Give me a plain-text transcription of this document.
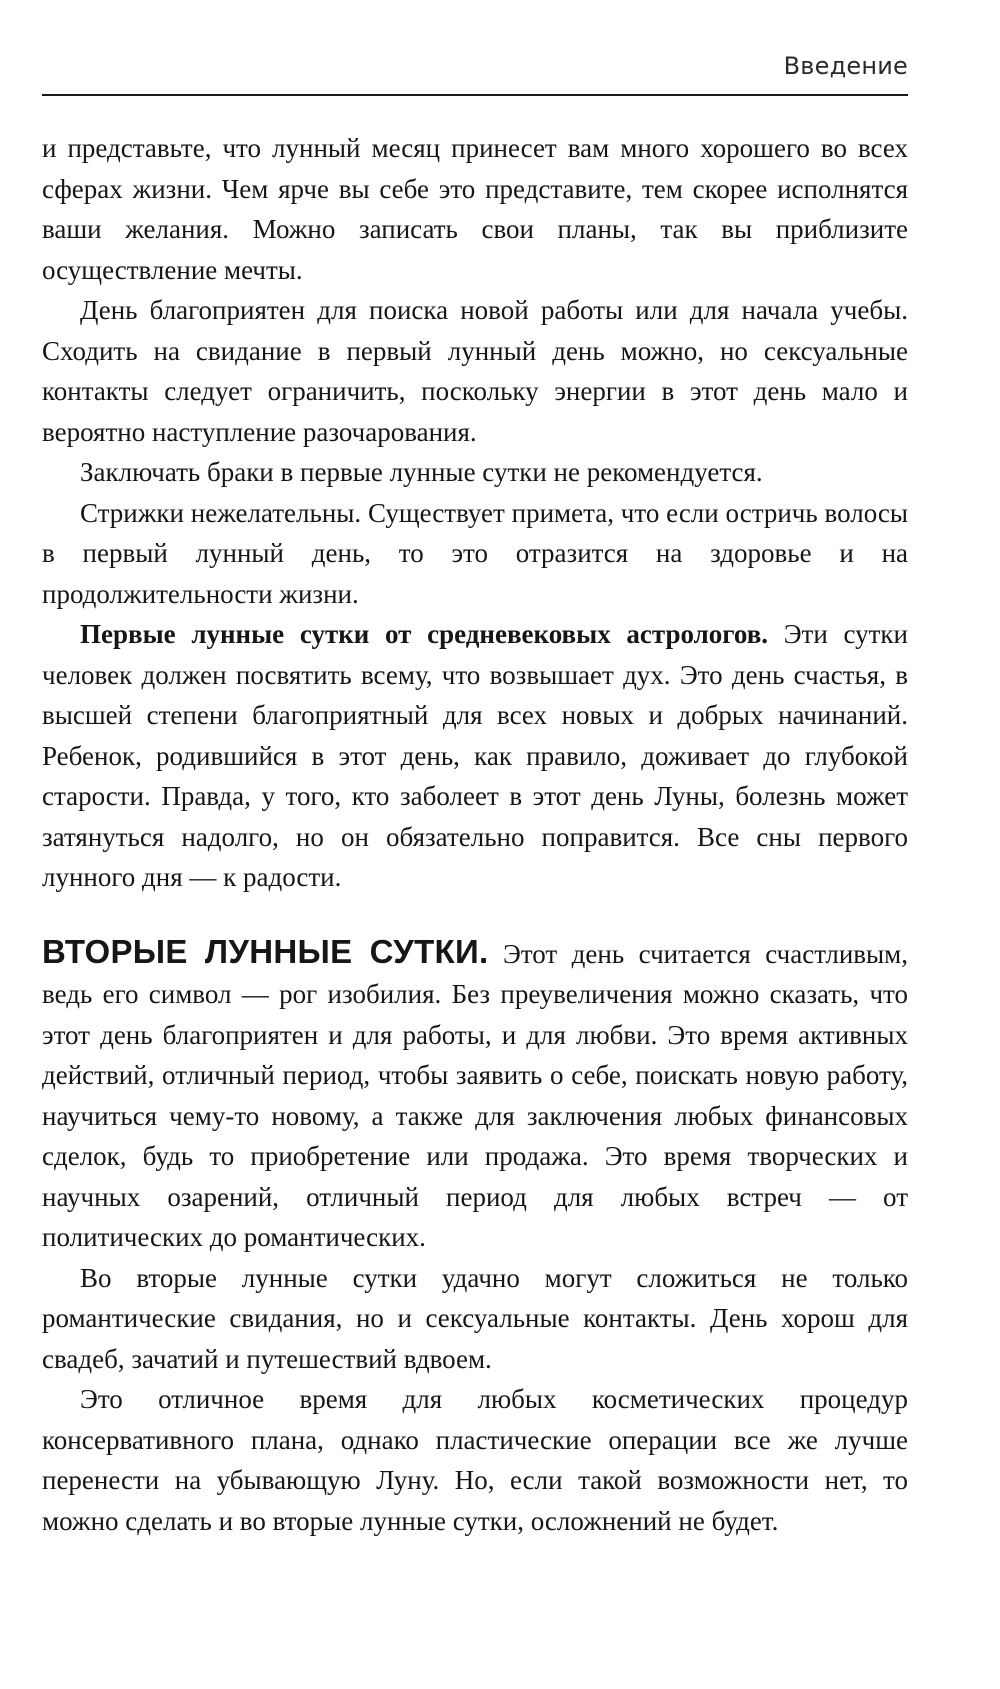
Введение

и представьте, что лунный месяц принесет вам много хорошего во всех сферах жизни. Чем ярче вы себе это представите, тем скорее исполнятся ваши желания. Можно записать свои планы, так вы приблизите осуществление мечты.

День благоприятен для поиска новой работы или для начала учебы. Сходить на свидание в первый лунный день можно, но сексуальные контакты следует ограничить, поскольку энергии в этот день мало и вероятно наступление разочарования.

Заключать браки в первые лунные сутки не рекомендуется.

Стрижки нежелательны. Существует примета, что если остричь волосы в первый лунный день, то это отразится на здоровье и на продолжительности жизни.

Первые лунные сутки от средневековых астрологов. Эти сутки человек должен посвятить всему, что возвышает дух. Это день счастья, в высшей степени благоприятный для всех новых и добрых начинаний. Ребенок, родившийся в этот день, как правило, доживает до глубокой старости. Правда, у того, кто заболеет в этот день Луны, болезнь может затянуться надолго, но он обязательно поправится. Все сны первого лунного дня — к радости.

ВТОРЫЕ ЛУННЫЕ СУТКИ. Этот день считается счастливым, ведь его символ — рог изобилия. Без преувеличения можно сказать, что этот день благоприятен и для работы, и для любви. Это время активных действий, отличный период, чтобы заявить о себе, поискать новую работу, научиться чему-то новому, а также для заключения любых финансовых сделок, будь то приобретение или продажа. Это время творческих и научных озарений, отличный период для любых встреч — от политических до романтических.

Во вторые лунные сутки удачно могут сложиться не только романтические свидания, но и сексуальные контакты. День хорош для свадеб, зачатий и путешествий вдвоем.

Это отличное время для любых косметических процедур консервативного плана, однако пластические операции все же лучше перенести на убывающую Луну. Но, если такой возможности нет, то можно сделать и во вторые лунные сутки, осложнений не будет.
